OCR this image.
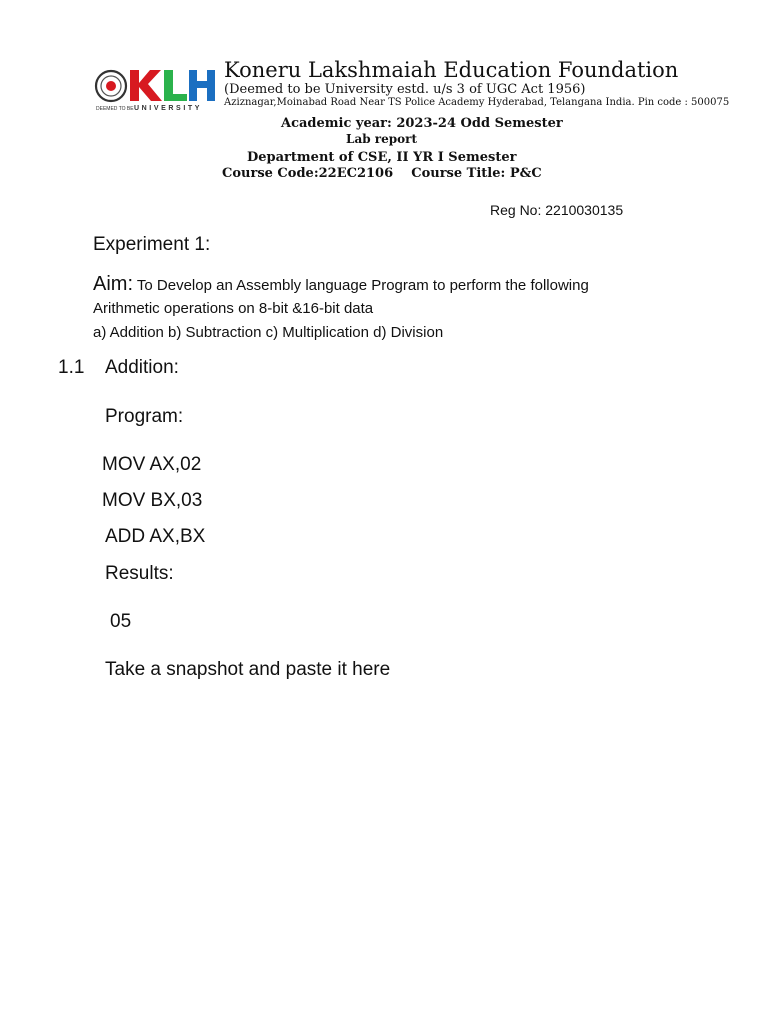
DEEMED TO BE UNIVERSITY
Koneru Lakshmaiah Education Foundation
(Deemed to be University estd. u/s 3 of UGC Act 1956)
Aziznagar,Moinabad Road Near TS Police Academy Hyderabad, Telangana India. Pin code : 500075
Academic year: 2023-24 Odd Semester
Lab report
Department of CSE, II YR I Semester
Course Code:22EC2106    Course Title: P&C
Reg No: 2210030135
Experiment 1:
Aim: To Develop an Assembly language Program to perform the following
Arithmetic operations on 8-bit &16-bit data
a) Addition b) Subtraction c) Multiplication d) Division
1.1 Addition:
Program:
MOV AX,02
MOV BX,03
ADD AX,BX
Results:
05
Take a snapshot and paste it here
